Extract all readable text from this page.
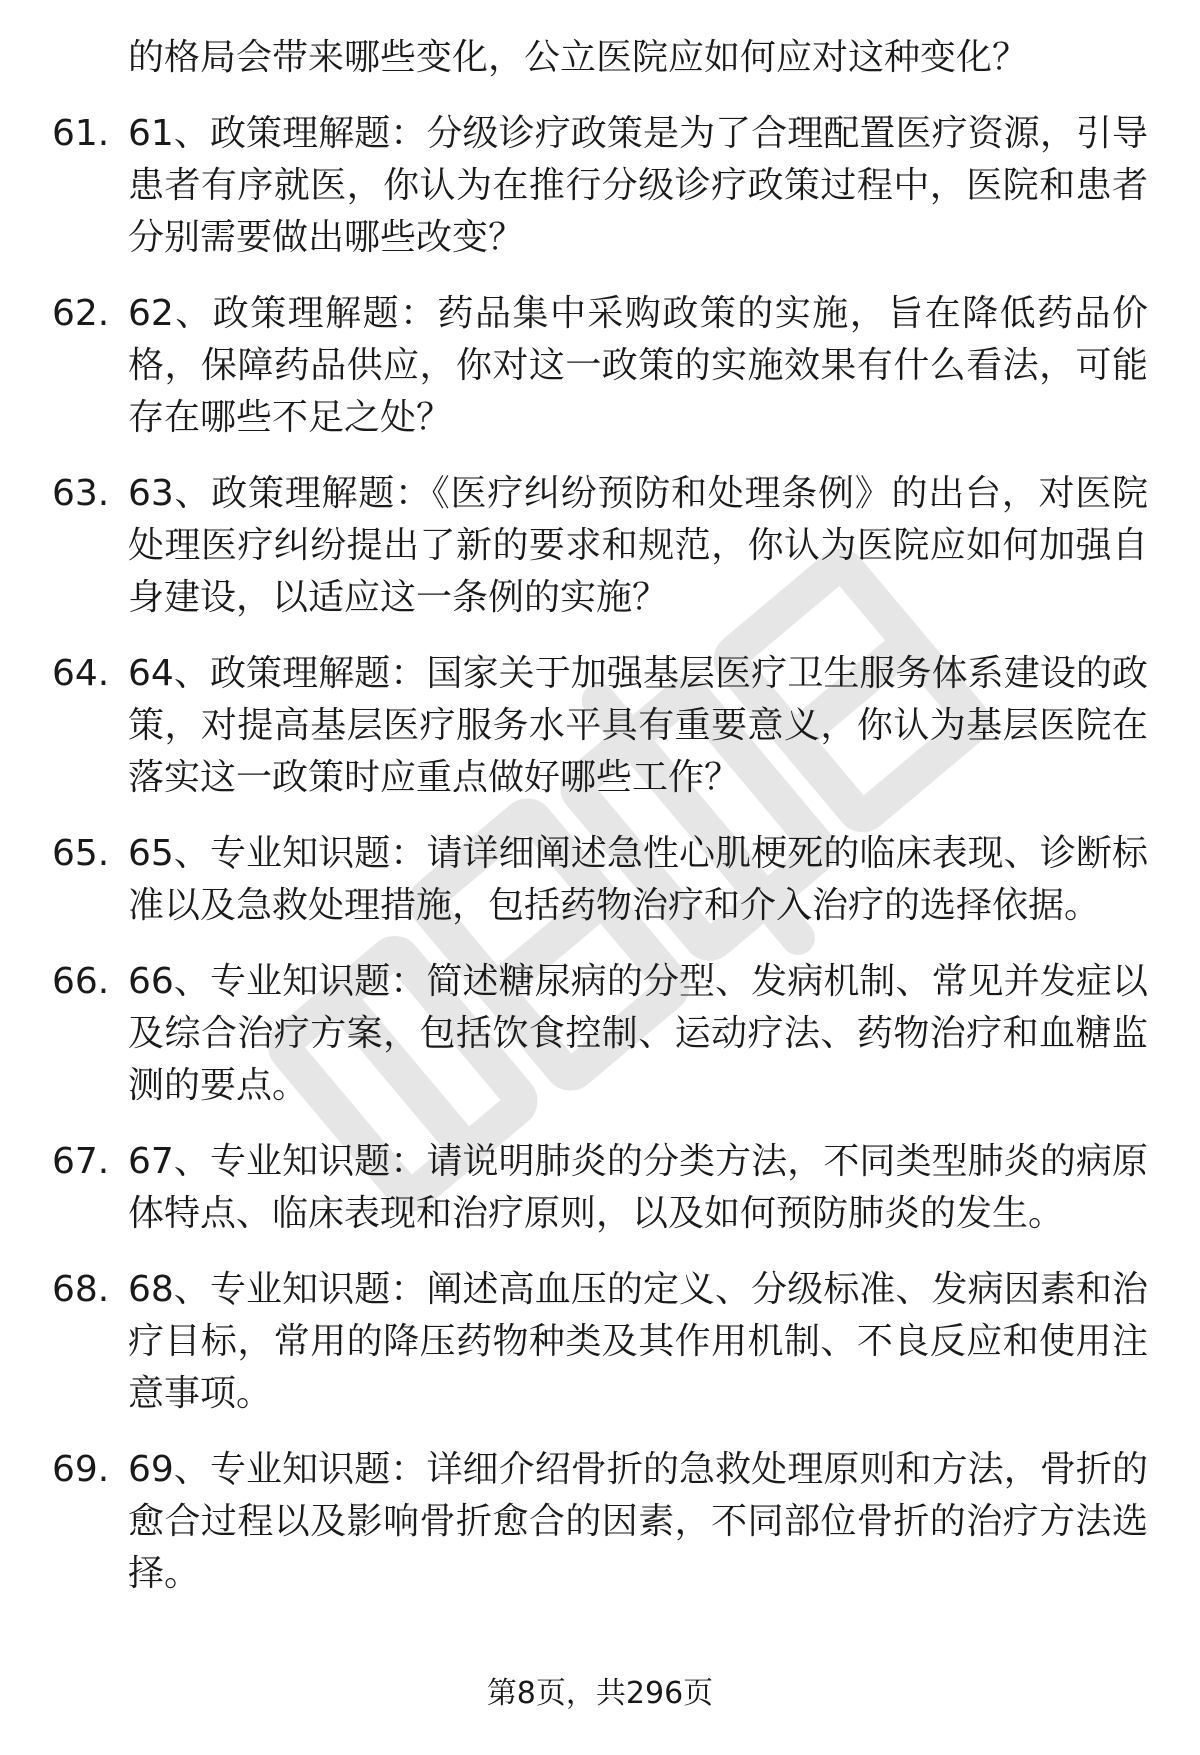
的格局会带来哪些变化，公立医院应如何应对这种变化？
61. 61、政策理解题：分级诊疗政策是为了合理配置医疗资源，引导患者有序就医，你认为在推行分级诊疗政策过程中，医院和患者分别需要做出哪些改变？
62. 62、政策理解题：药品集中采购政策的实施，旨在降低药品价格，保障药品供应，你对这一政策的实施效果有什么看法，可能存在哪些不足之处？
63. 63、政策理解题：《医疗纠纷预防和处理条例》的出台，对医院处理医疗纠纷提出了新的要求和规范，你认为医院应如何加强自身建设，以适应这一条例的实施？
64. 64、政策理解题：国家关于加强基层医疗卫生服务体系建设的政策，对提高基层医疗服务水平具有重要意义，你认为基层医院在落实这一政策时应重点做好哪些工作？
65. 65、专业知识题：请详细阐述急性心肌梗死的临床表现、诊断标准以及急救处理措施，包括药物治疗和介入治疗的选择依据。
66. 66、专业知识题：简述糖尿病的分型、发病机制、常见并发症以及综合治疗方案，包括饮食控制、运动疗法、药物治疗和血糖监测的要点。
67. 67、专业知识题：请说明肺炎的分类方法，不同类型肺炎的病原体特点、临床表现和治疗原则，以及如何预防肺炎的发生。
68. 68、专业知识题：阐述高血压的定义、分级标准、发病因素和治疗目标，常用的降压药物种类及其作用机制、不良反应和使用注意事项。
69. 69、专业知识题：详细介绍骨折的急救处理原则和方法，骨折的愈合过程以及影响骨折愈合的因素，不同部位骨折的治疗方法选择。
第8页，共296页
